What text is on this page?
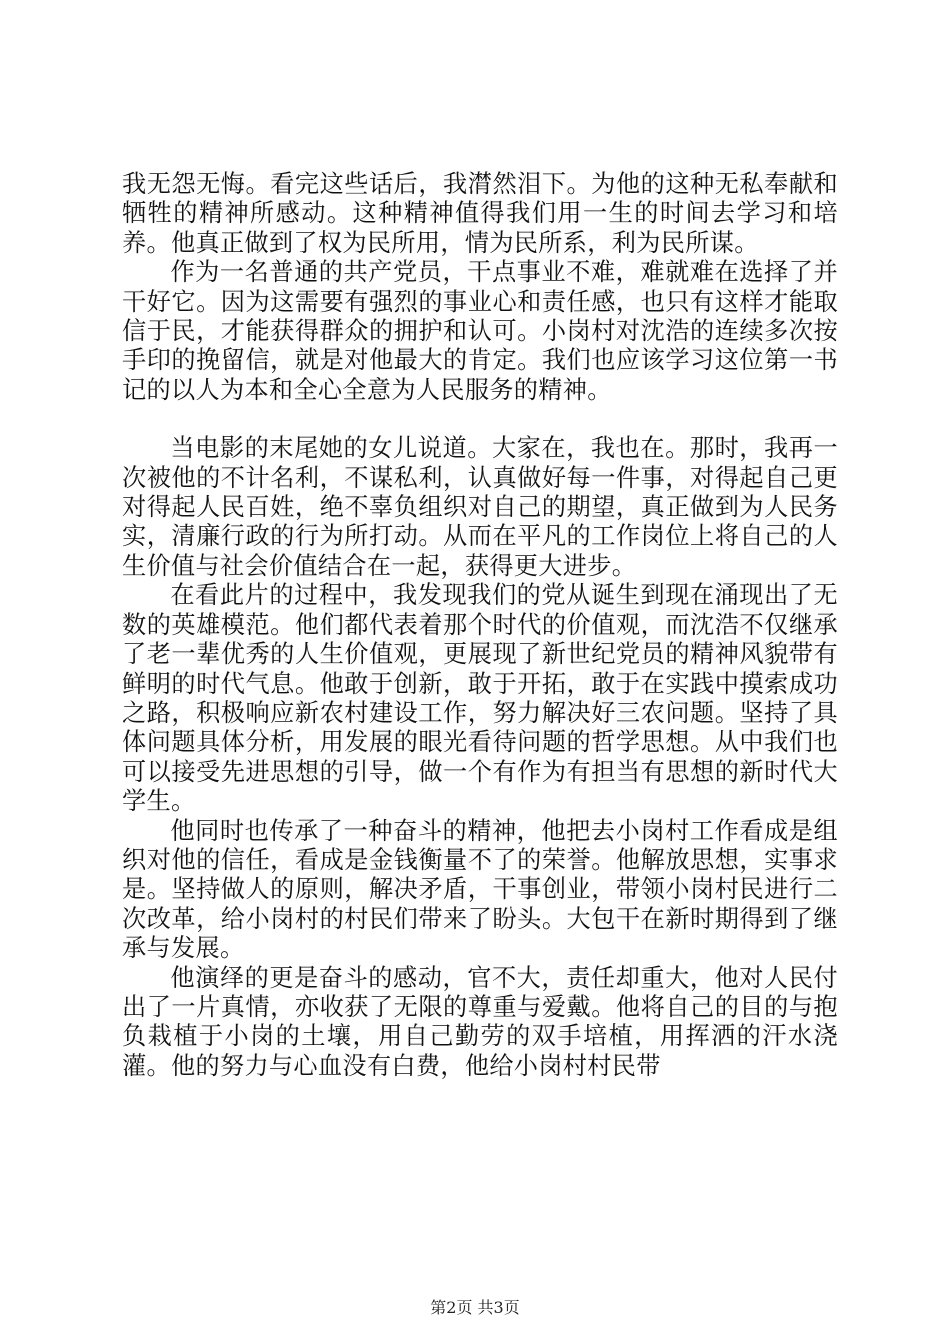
我无怨无悔。看完这些话后，我潸然泪下。为他的这种无私奉献和牺牲的精神所感动。这种精神值得我们用一生的时间去学习和培养。他真正做到了权为民所用，情为民所系，利为民所谋。

作为一名普通的共产党员，干点事业不难，难就难在选择了并干好它。因为这需要有强烈的事业心和责任感，也只有这样才能取信于民，才能获得群众的拥护和认可。小岗村对沈浩的连续多次按手印的挽留信，就是对他最大的肯定。我们也应该学习这位第一书记的以人为本和全心全意为人民服务的精神。

当电影的末尾她的女儿说道。大家在，我也在。那时，我再一次被他的不计名利，不谋私利，认真做好每一件事，对得起自己更对得起人民百姓，绝不辜负组织对自己的期望，真正做到为人民务实，清廉行政的行为所打动。从而在平凡的工作岗位上将自己的人生价值与社会价值结合在一起，获得更大进步。

在看此片的过程中，我发现我们的党从诞生到现在涌现出了无数的英雄模范。他们都代表着那个时代的价值观，而沈浩不仅继承了老一辈优秀的人生价值观，更展现了新世纪党员的精神风貌带有鲜明的时代气息。他敢于创新，敢于开拓，敢于在实践中摸索成功之路，积极响应新农村建设工作，努力解决好三农问题。坚持了具体问题具体分析，用发展的眼光看待问题的哲学思想。从中我们也可以接受先进思想的引导，做一个有作为有担当有思想的新时代大学生。

他同时也传承了一种奋斗的精神，他把去小岗村工作看成是组织对他的信任，看成是金钱衡量不了的荣誉。他解放思想，实事求是。坚持做人的原则，解决矛盾，干事创业，带领小岗村民进行二次改革，给小岗村的村民们带来了盼头。大包干在新时期得到了继承与发展。

他演绎的更是奋斗的感动，官不大，责任却重大，他对人民付出了一片真情，亦收获了无限的尊重与爱戴。他将自己的目的与抱负栽植于小岗的土壤，用自己勤劳的双手培植，用挥洒的汗水浇灌。他的努力与心血没有白费，他给小岗村村民带

第2页 共3页
